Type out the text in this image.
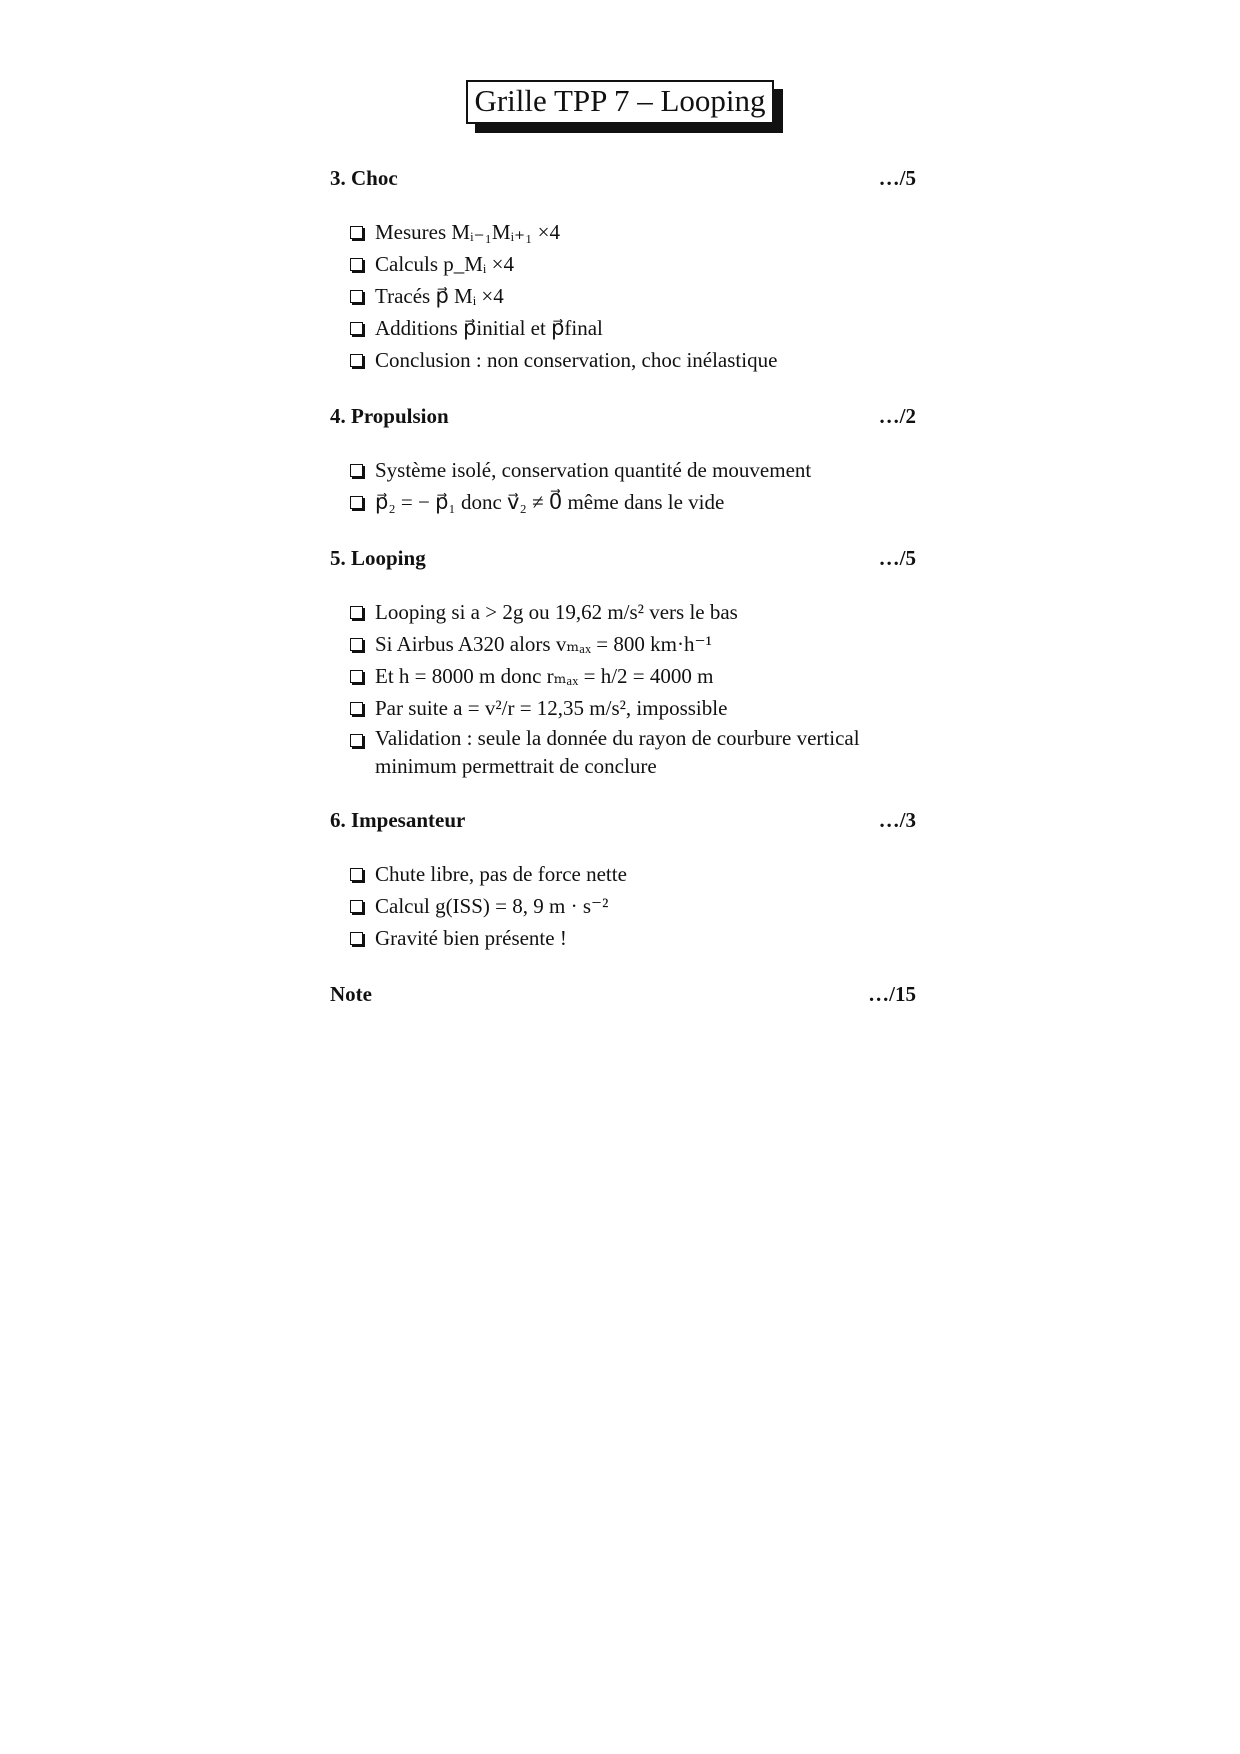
Grille TPP 7 – Looping
3. Choc	…/5
Mesures Mᵢ₋₁Mᵢ₊₁ ×4
Calculs p_Mᵢ ×4
Tracés p⃗ Mᵢ ×4
Additions p⃗initial et p⃗final
Conclusion : non conservation, choc inélastique
4. Propulsion	…/2
Système isolé, conservation quantité de mouvement
p⃗₂ = − p⃗₁ donc v⃗₂ ≠ 0⃗ même dans le vide
5. Looping	…/5
Looping si a > 2g ou 19,62 m/s² vers le bas
Si Airbus A320 alors vₘₐₓ = 800 km·h⁻¹
Et h = 8000 m donc rₘₐₓ = h/2 = 4000 m
Par suite a = v²/r = 12,35 m/s², impossible
Validation : seule la donnée du rayon de courbure vertical minimum permettrait de conclure
6. Impesanteur	…/3
Chute libre, pas de force nette
Calcul g(ISS) = 8, 9 m · s⁻²
Gravité bien présente !
Note	…/15
